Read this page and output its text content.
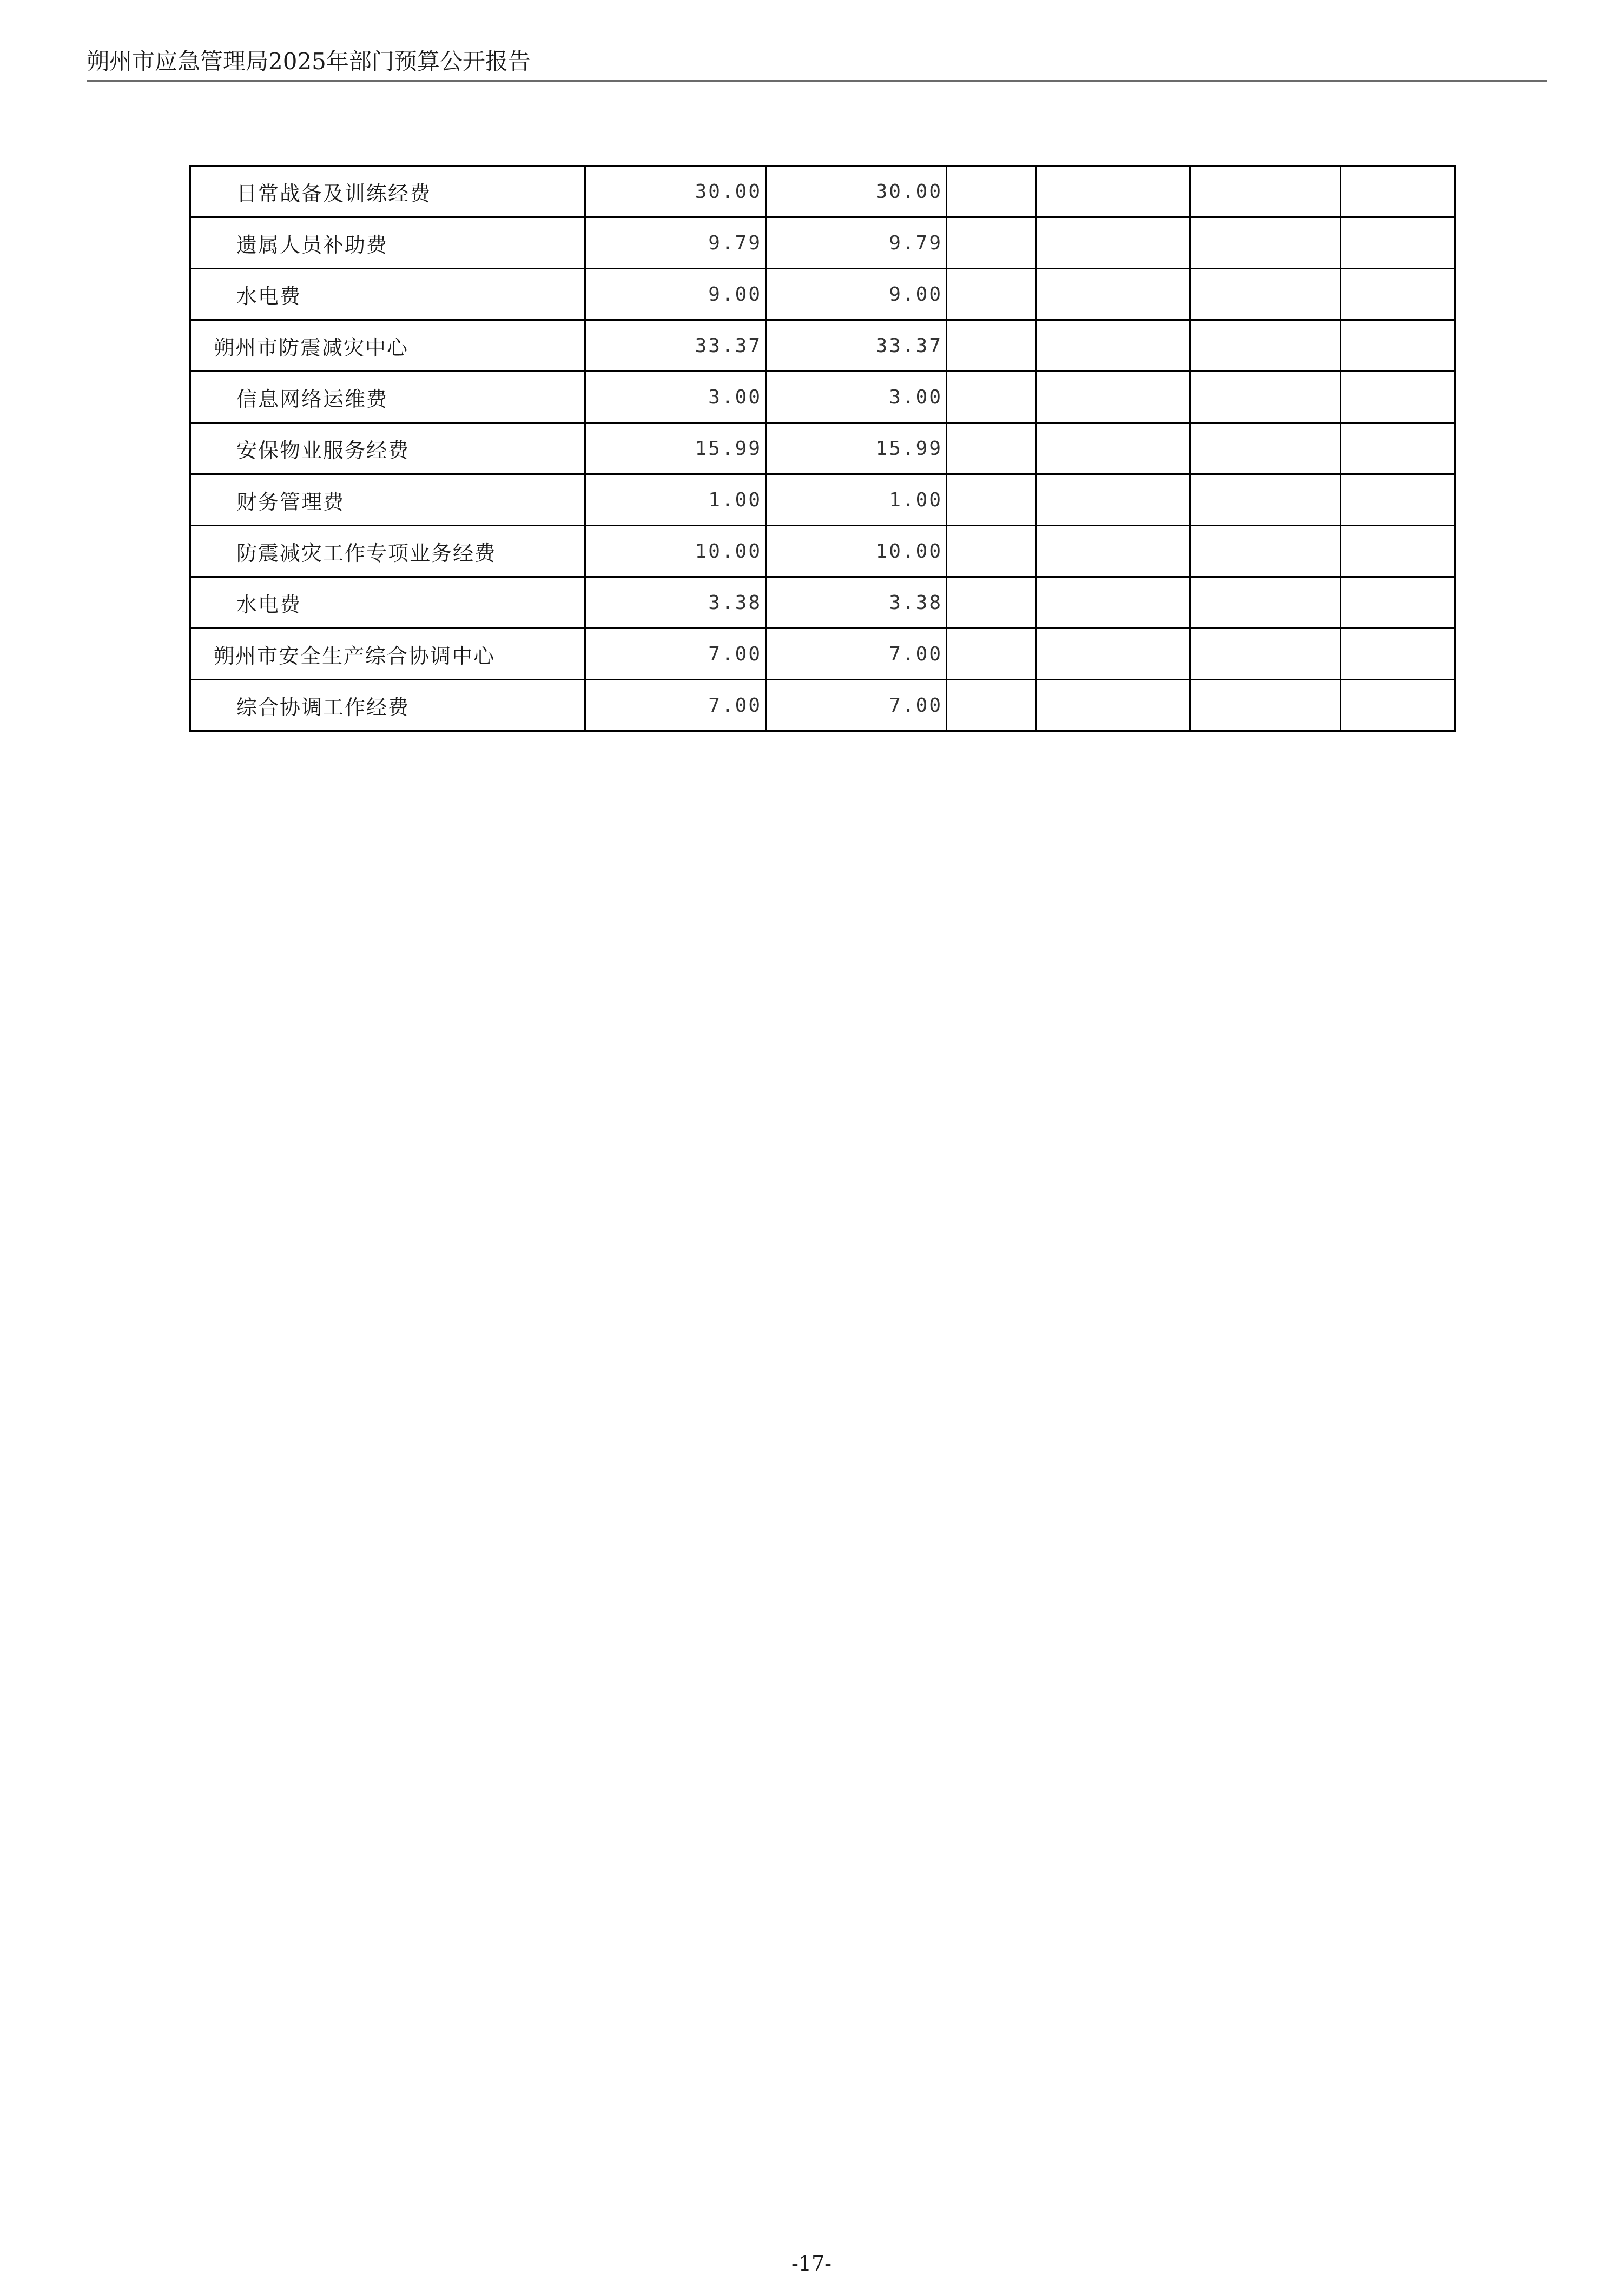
朔州市应急管理局2025年部门预算公开报告
日常战备及训练经费	30.00	30.00				

遗属人员补助费	9.79	9.79				

水电费	9.00	9.00				

朔州市防震减灾中心	33.37	33.37				

信息网络运维费	3.00	3.00				

安保物业服务经费	15.99	15.99				

财务管理费	1.00	1.00				

防震减灾工作专项业务经费	10.00	10.00				

水电费	3.38	3.38				

朔州市安全生产综合协调中心	7.00	7.00				

综合协调工作经费	7.00	7.00				

-17-
